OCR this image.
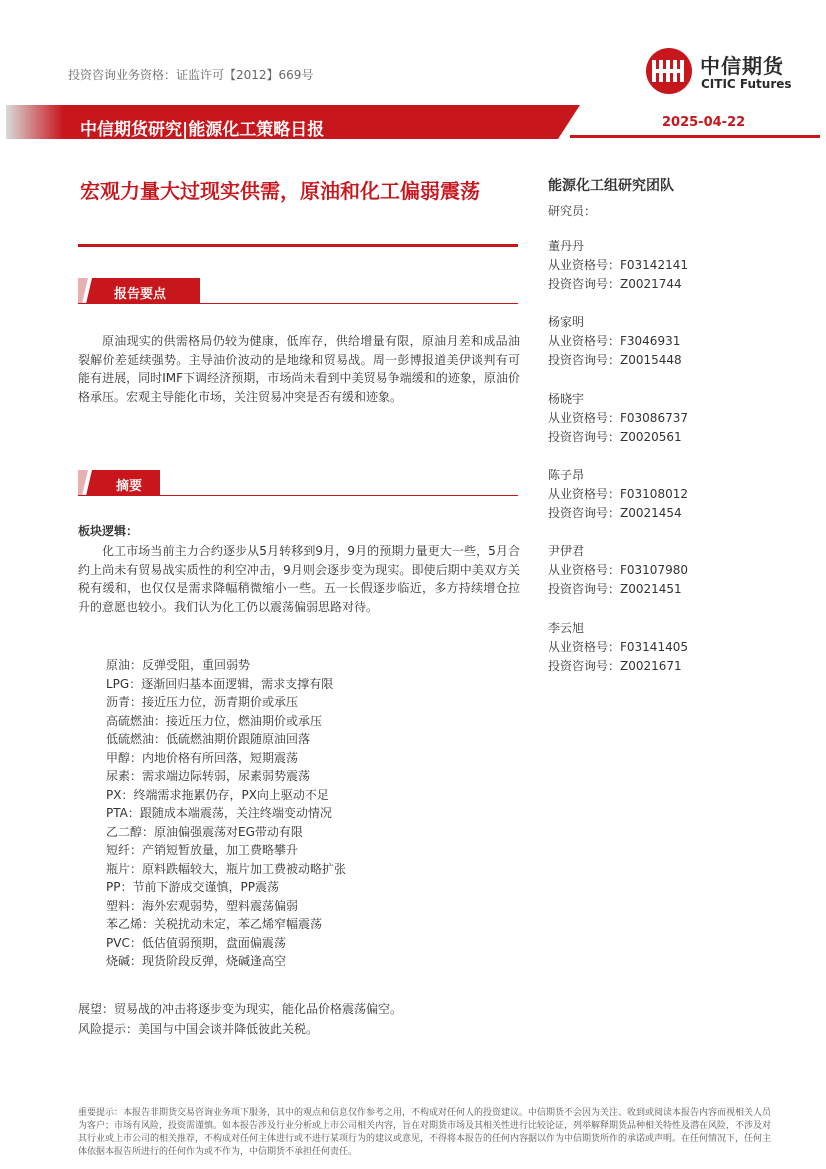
投资咨询业务资格：证监许可【2012】669号	中信期货
CITIC Futures
中信期货研究|能源化工策略日报	2025-04-22
宏观力量大过现实供需，原油和化工偏弱震荡
报告要点

原油现实的供需格局仍较为健康，低库存，供给增量有限，原油月差和成品油裂解价差延续强势。主导油价波动的是地缘和贸易战。周一彭博报道美伊谈判有可能有进展，同时IMF下调经济预期，市场尚未看到中美贸易争端缓和的迹象，原油价格承压。宏观主导能化市场，关注贸易冲突是否有缓和迹象。

摘要
板块逻辑：

化工市场当前主力合约逐步从5月转移到9月，9月的预期力量更大一些，5月合约上尚未有贸易战实质性的利空冲击，9月则会逐步变为现实。即使后期中美双方关税有缓和，也仅仅是需求降幅稍微缩小一些。五一长假逐步临近，多方持续增仓拉升的意愿也较小。我们认为化工仍以震荡偏弱思路对待。

原油：反弹受阻，重回弱势
LPG：逐渐回归基本面逻辑，需求支撑有限
沥青：接近压力位，沥青期价或承压
高硫燃油：接近压力位，燃油期价或承压
低硫燃油：低硫燃油期价跟随原油回落
甲醇：内地价格有所回落，短期震荡
尿素：需求端边际转弱，尿素弱势震荡
PX：终端需求拖累仍存，PX向上驱动不足
PTA：跟随成本端震荡，关注终端变动情况
乙二醇：原油偏强震荡对EG带动有限
短纤：产销短暂放量，加工费略攀升
瓶片：原料跌幅较大，瓶片加工费被动略扩张
PP：节前下游成交谨慎，PP震荡
塑料：海外宏观弱势，塑料震荡偏弱
苯乙烯：关税扰动未定，苯乙烯窄幅震荡
PVC：低估值弱预期，盘面偏震荡
烧碱：现货阶段反弹，烧碱逢高空
展望：贸易战的冲击将逐步变为现实，能化品价格震荡偏空。
风险提示：美国与中国会谈并降低彼此关税。
能源化工组研究团队
研究员：
董丹丹
从业资格号：F03142141
投资咨询号：Z0021744
杨家明
从业资格号：F3046931
投资咨询号：Z0015448
杨晓宇
从业资格号：F03086737
投资咨询号：Z0020561
陈子昂
从业资格号：F03108012
投资咨询号：Z0021454
尹伊君
从业资格号：F03107980
投资咨询号：Z0021451
李云旭
从业资格号：F03141405
投资咨询号：Z0021671
重要提示：本报告非期货交易咨询业务项下服务，其中的观点和信息仅作参考之用，不构成对任何人的投资建议。中信期货不会因为关注、收到或阅读本报告内容而视相关人员为客户；市场有风险，投资需谨慎。如本报告涉及行业分析或上市公司相关内容，旨在对期货市场及其相关性进行比较论证，列举解释期货品种相关特性及潜在风险，不涉及对其行业或上市公司的相关推荐，不构成对任何主体进行或不进行某项行为的建议或意见，不得将本报告的任何内容据以作为中信期货所作的承诺或声明。在任何情况下，任何主体依据本报告所进行的任何作为或不作为，中信期货不承担任何责任。
